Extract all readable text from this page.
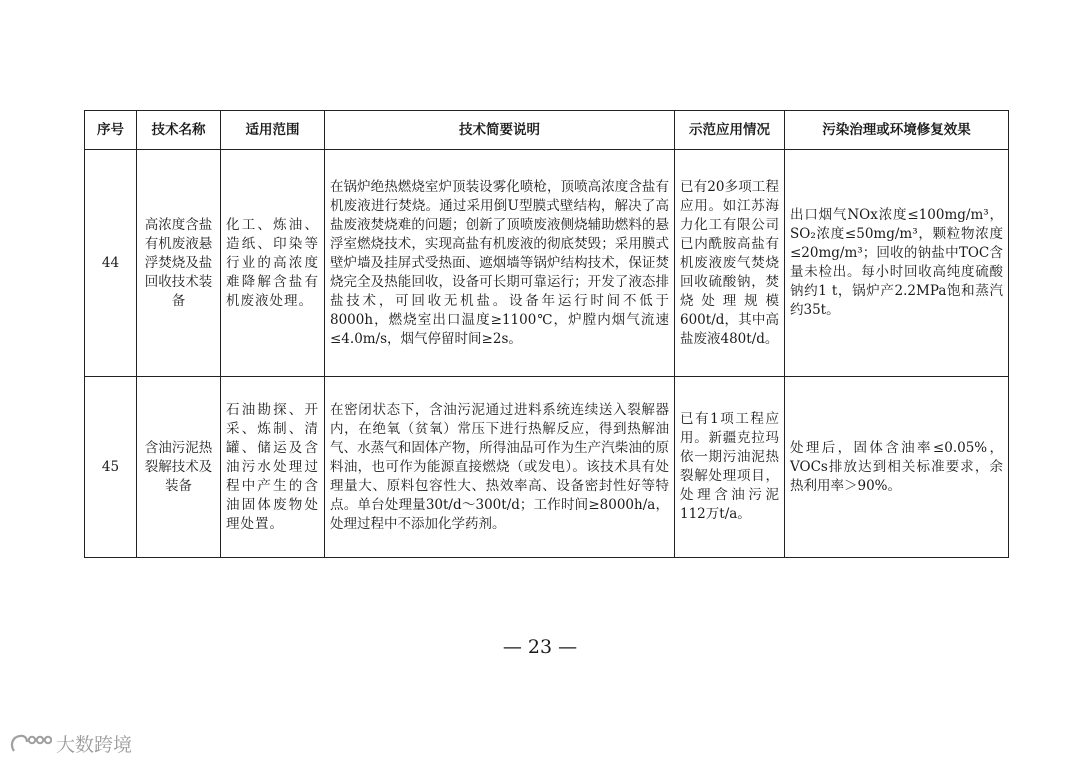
序号	技术名称	适用范围	技术简要说明	示范应用情况	污染治理或环境修复效果
44	高浓度含盐有机废液悬浮焚烧及盐回收技术装备	化工、炼油、造纸、印染等行业的高浓度难降解含盐有机废液处理。	在锅炉绝热燃烧室炉顶装设雾化喷枪，顶喷高浓度含盐有机废液进行焚烧。通过采用倒U型膜式壁结构，解决了高盐废液焚烧难的问题；创新了顶喷废液侧烧辅助燃料的悬浮室燃烧技术，实现高盐有机废液的彻底焚毁；采用膜式壁炉墙及挂屏式受热面、遮烟墙等锅炉结构技术，保证焚烧完全及热能回收，设备可长期可靠运行；开发了液态排盐技术，可回收无机盐。设备年运行时间不低于8000h，燃烧室出口温度≥1100℃，炉膛内烟气流速≤4.0m/s，烟气停留时间≥2s。	已有20多项工程应用。如江苏海力化工有限公司已内酰胺高盐有机废液废气焚烧回收硫酸钠，焚烧处理规模600t/d，其中高盐废液480t/d。	出口烟气NOx浓度≤100mg/m³，SO₂浓度≤50mg/m³，颗粒物浓度≤20mg/m³；回收的钠盐中TOC含量未检出。每小时回收高纯度硫酸钠约1 t，锅炉产2.2MPa饱和蒸汽约35t。
45	含油污泥热裂解技术及装备	石油勘探、开采、炼制、清罐、储运及含油污水处理过程中产生的含油固体废物处理处置。	在密闭状态下，含油污泥通过进料系统连续送入裂解器内，在绝氧（贫氧）常压下进行热解反应，得到热解油气、水蒸气和固体产物，所得油品可作为生产汽柴油的原料油，也可作为能源直接燃烧（或发电）。该技术具有处理量大、原料包容性大、热效率高、设备密封性好等特点。单台处理量30t/d～300t/d；工作时间≥8000h/a，处理过程中不添加化学药剂。	已有1项工程应用。新疆克拉玛依一期污油泥热裂解处理项目，处理含油污泥112万t/a。	处理后，固体含油率≤0.05%，VOCs排放达到相关标准要求，余热利用率＞90%。
— 23 —
大数跨境
